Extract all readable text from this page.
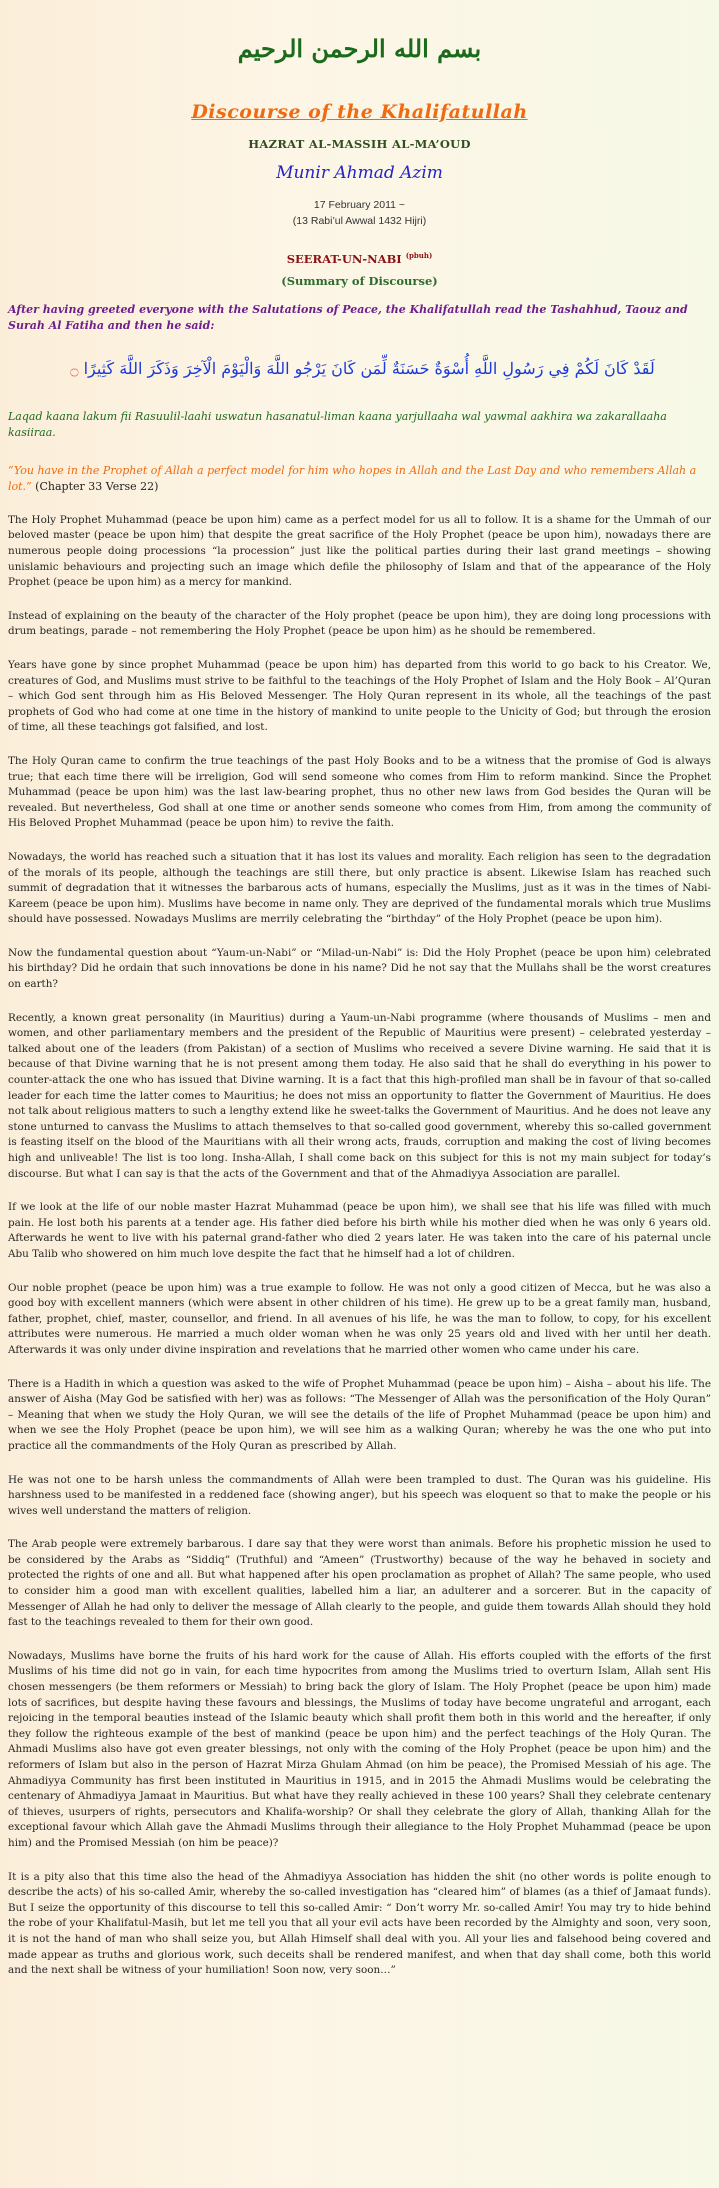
بسم الله الرحمن الرحيم
Discourse of the Khalifatullah
HAZRAT AL-MASSIH AL-MA’OUD
Munir Ahmad Azim
17 February 2011 ~
(13 Rabi’ul Awwal 1432 Hijri)
SEERAT-UN-NABI $^{(pbuh)}$
(Summary of Discourse)
After having greeted everyone with the Salutations of Peace, the Khalifatullah read the Tashahhud, Taouz and Surah Al Fatiha and then he said:
لَقَدْ كَانَ لَكُمْ فِي رَسُولِ اللَّهِ أُسْوَةٌ حَسَنَةٌ لِّمَن كَانَ يَرْجُو اللَّهَ وَالْيَوْمَ الْآخِرَ وَذَكَرَ اللَّهَ كَثِيرًا ۝
Laqad kaana lakum fii Rasuulil-laahi uswatun hasanatul-liman kaana yarjullaaha wal yawmal aakhira wa zakarallaaha kasiiraa.
“You have in the Prophet of Allah a perfect model for him who hopes in Allah and the Last Day and who remembers Allah a lot.” (Chapter 33 Verse 22)

The Holy Prophet Muhammad (peace be upon him) came as a perfect model for us all to follow. It is a shame for the Ummah of our beloved master (peace be upon him) that despite the great sacrifice of the Holy Prophet (peace be upon him), nowadays there are numerous people doing processions “la procession” just like the political parties during their last grand meetings – showing unislamic behaviours and projecting such an image which defile the philosophy of Islam and that of the appearance of the Holy Prophet (peace be upon him) as a mercy for mankind.

Instead of explaining on the beauty of the character of the Holy prophet (peace be upon him), they are doing long processions with drum beatings, parade – not remembering the Holy Prophet (peace be upon him) as he should be remembered.

Years have gone by since prophet Muhammad (peace be upon him) has departed from this world to go back to his Creator. We, creatures of God, and Muslims must strive to be faithful to the teachings of the Holy Prophet of Islam and the Holy Book – Al’Quran – which God sent through him as His Beloved Messenger. The Holy Quran represent in its whole, all the teachings of the past prophets of God who had come at one time in the history of mankind to unite people to the Unicity of God; but through the erosion of time, all these teachings got falsified, and lost.

The Holy Quran came to confirm the true teachings of the past Holy Books and to be a witness that the promise of God is always true; that each time there will be irreligion, God will send someone who comes from Him to reform mankind. Since the Prophet Muhammad (peace be upon him) was the last law-bearing prophet, thus no other new laws from God besides the Quran will be revealed. But nevertheless, God shall at one time or another sends someone who comes from Him, from among the community of His Beloved Prophet Muhammad (peace be upon him) to revive the faith.

Nowadays, the world has reached such a situation that it has lost its values and morality. Each religion has seen to the degradation of the morals of its people, although the teachings are still there, but only practice is absent. Likewise Islam has reached such summit of degradation that it witnesses the barbarous acts of humans, especially the Muslims, just as it was in the times of Nabi-Kareem (peace be upon him). Muslims have become in name only. They are deprived of the fundamental morals which true Muslims should have possessed. Nowadays Muslims are merrily celebrating the “birthday” of the Holy Prophet (peace be upon him).

Now the fundamental question about “Yaum-un-Nabi” or “Milad-un-Nabi” is: Did the Holy Prophet (peace be upon him) celebrated his birthday? Did he ordain that such innovations be done in his name? Did he not say that the Mullahs shall be the worst creatures on earth?

Recently, a known great personality (in Mauritius) during a Yaum-un-Nabi programme (where thousands of Muslims – men and women, and other parliamentary members and the president of the Republic of Mauritius were present) – celebrated yesterday – talked about one of the leaders (from Pakistan) of a section of Muslims who received a severe Divine warning. He said that it is because of that Divine warning that he is not present among them today. He also said that he shall do everything in his power to counter-attack the one who has issued that Divine warning. It is a fact that this high-profiled man shall be in favour of that so-called leader for each time the latter comes to Mauritius; he does not miss an opportunity to flatter the Government of Mauritius. He does not talk about religious matters to such a lengthy extend like he sweet-talks the Government of Mauritius. And he does not leave any stone unturned to canvass the Muslims to attach themselves to that so-called good government, whereby this so-called government is feasting itself on the blood of the Mauritians with all their wrong acts, frauds, corruption and making the cost of living becomes high and unliveable! The list is too long. Insha-Allah, I shall come back on this subject for this is not my main subject for today’s discourse. But what I can say is that the acts of the Government and that of the Ahmadiyya Association are parallel.

If we look at the life of our noble master Hazrat Muhammad (peace be upon him), we shall see that his life was filled with much pain. He lost both his parents at a tender age. His father died before his birth while his mother died when he was only 6 years old. Afterwards he went to live with his paternal grand-father who died 2 years later. He was taken into the care of his paternal uncle Abu Talib who showered on him much love despite the fact that he himself had a lot of children.

Our noble prophet (peace be upon him) was a true example to follow. He was not only a good citizen of Mecca, but he was also a good boy with excellent manners (which were absent in other children of his time). He grew up to be a great family man, husband, father, prophet, chief, master, counsellor, and friend. In all avenues of his life, he was the man to follow, to copy, for his excellent attributes were numerous. He married a much older woman when he was only 25 years old and lived with her until her death. Afterwards it was only under divine inspiration and revelations that he married other women who came under his care.

There is a Hadith in which a question was asked to the wife of Prophet Muhammad (peace be upon him) – Aisha – about his life. The answer of Aisha (May God be satisfied with her) was as follows: “The Messenger of Allah was the personification of the Holy Quran” – Meaning that when we study the Holy Quran, we will see the details of the life of Prophet Muhammad (peace be upon him) and when we see the Holy Prophet (peace be upon him), we will see him as a walking Quran; whereby he was the one who put into practice all the commandments of the Holy Quran as prescribed by Allah.

He was not one to be harsh unless the commandments of Allah were been trampled to dust. The Quran was his guideline. His harshness used to be manifested in a reddened face (showing anger), but his speech was eloquent so that to make the people or his wives well understand the matters of religion.

The Arab people were extremely barbarous. I dare say that they were worst than animals. Before his prophetic mission he used to be considered by the Arabs as “Siddiq” (Truthful) and “Ameen” (Trustworthy) because of the way he behaved in society and protected the rights of one and all. But what happened after his open proclamation as prophet of Allah? The same people, who used to consider him a good man with excellent qualities, labelled him a liar, an adulterer and a sorcerer. But in the capacity of Messenger of Allah he had only to deliver the message of Allah clearly to the people, and guide them towards Allah should they hold fast to the teachings revealed to them for their own good.

Nowadays, Muslims have borne the fruits of his hard work for the cause of Allah. His efforts coupled with the efforts of the first Muslims of his time did not go in vain, for each time hypocrites from among the Muslims tried to overturn Islam, Allah sent His chosen messengers (be them reformers or Messiah) to bring back the glory of Islam. The Holy Prophet (peace be upon him) made lots of sacrifices, but despite having these favours and blessings, the Muslims of today have become ungrateful and arrogant, each rejoicing in the temporal beauties instead of the Islamic beauty which shall profit them both in this world and the hereafter, if only they follow the righteous example of the best of mankind (peace be upon him) and the perfect teachings of the Holy Quran. The Ahmadi Muslims also have got even greater blessings, not only with the coming of the Holy Prophet (peace be upon him) and the reformers of Islam but also in the person of Hazrat Mirza Ghulam Ahmad (on him be peace), the Promised Messiah of his age. The Ahmadiyya Community has first been instituted in Mauritius in 1915, and in 2015 the Ahmadi Muslims would be celebrating the centenary of Ahmadiyya Jamaat in Mauritius. But what have they really achieved in these 100 years? Shall they celebrate centenary of thieves, usurpers of rights, persecutors and Khalifa-worship? Or shall they celebrate the glory of Allah, thanking Allah for the exceptional favour which Allah gave the Ahmadi Muslims through their allegiance to the Holy Prophet Muhammad (peace be upon him) and the Promised Messiah (on him be peace)?

It is a pity also that this time also the head of the Ahmadiyya Association has hidden the shit (no other words is polite enough to describe the acts) of his so-called Amir, whereby the so-called investigation has “cleared him” of blames (as a thief of Jamaat funds). But I seize the opportunity of this discourse to tell this so-called Amir: “ Don’t worry Mr. so-called Amir! You may try to hide behind the robe of your Khalifatul-Masih, but let me tell you that all your evil acts have been recorded by the Almighty and soon, very soon, it is not the hand of man who shall seize you, but Allah Himself shall deal with you. All your lies and falsehood being covered and made appear as truths and glorious work, such deceits shall be rendered manifest, and when that day shall come, both this world and the next shall be witness of your humiliation! Soon now, very soon…”
